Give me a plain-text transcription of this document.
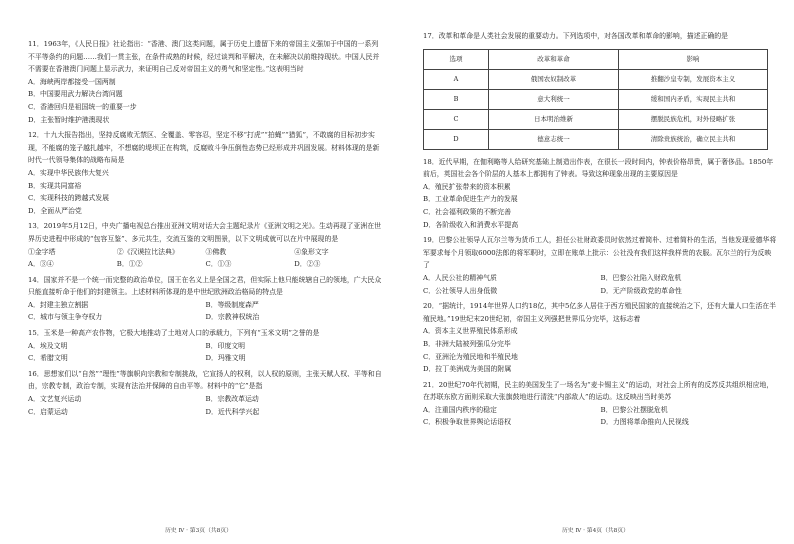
11．1963年，《人民日报》社论指出：“香港、澳门这类问题，属于历史上遗留下来的帝国主义强加于中国的一系列不平等条约的问题……我们一贯主张，在条件成熟的时候，经过谈判和平解决，在未解决以前维持现状。中国人民并不需要在香港澳门问题上显示武力，来证明自己反对帝国主义的勇气和坚定性。”这表明当时

A．海峡两岸都接受一国两制

B．中国要用武力解决台湾问题

C．香港回归是祖国统一的重要一步

D．主张暂时维护港澳现状

12．十九大报告指出，坚持反腐败无禁区、全覆盖、零容忍，坚定不移“打虎”“拍蝇”“猎狐”，不敢腐的目标初步实现，不能腐的笼子越扎越牢，不想腐的堤坝正在构筑，反腐败斗争压倒性态势已经形成并巩固发展。材料体现的是新时代一代领导集体的战略布局是

A．实现中华民族伟大复兴

B．实现共同富裕

C．实现科技的跨越式发展

D．全面从严治党

13．2019年5月12日，中央广播电视总台推出亚洲文明对话大会主题纪录片《亚洲文明之光》。生动再现了亚洲在世界历史进程中形成的“包容互鉴”、多元共生，交流互鉴的文明图景，以下文明成就可以在片中展现的是

①金字塔	②《汉谟拉比法典》	③佛教	④象形文字

A．③④	B．①②	C．①③	D．②③

14．国家并不是一个统一而完整的政治单位，国王在名义上是全国之君，但实际上他只能统辖自己的领地，广大民众只能直接听命于他们的封建领主。上述材料所体现的是中世纪欧洲政治格局的特点是

A．封建主独立割据	B．等级制度森严

C．城市与领主争夺权力	D．宗教神权统治

15．玉米是一种高产农作物，它极大地推动了土地对人口的承载力，下列有“玉米文明”之誉的是

A．埃及文明	B．印度文明

C．希腊文明	D．玛雅文明

16．思想家们以“自然”“理性”等旗帜向宗教和专制挑战，它宣扬人的权利，以人权的原则，主张天赋人权、平等和自由，宗教专制，政治专制，实现有法治并保障的自由平等。材料中的“它”是指

A．文艺复兴运动	B．宗教改革运动

C．启蒙运动	D．近代科学兴起

历史 Ⅳ · 第3页（共8页）

17．改革和革命是人类社会发展的重要动力。下列选项中，对各国改革和革命的影响，描述正确的是

选项	改革和革命	影响
A	俄国农奴制改革	推翻沙皇专制，发展资本主义
B	意大利统一	缓和国内矛盾，实现民主共和
C	日本明治维新	摆脱民族危机，对外侵略扩张
D	德意志统一	清除贵族统治，确立民主共和

18．近代早期，在伽利略等人给研究基础上制造出作表，在很长一段时间内，钟表价格昂贵，属于奢侈品。1850年前后，英国社会各个阶层的人基本上都拥有了钟表。导致这种现象出现的主要原因是

A．殖民扩张带来的资本积累

B．工业革命促进生产力的发展

C．社会福利政策的不断完善

D．各阶级收入和消费水平提高

19．巴黎公社领导人瓦尔兰等为货币工人，担任公社财政委员时依然过着简朴、过着简朴的生活，当他发现爱德华将军要求每个月领取6000法郎的将军职时，立即在账单上批示：公社没有我们这样我样贵的农服。瓦尔兰的行为反映了

A．人民公社的精神气质	B．巴黎公社陷入财政危机

C．公社领导人出身低微	D．无产阶级政党的革命性

20．“据统计，1914年世界人口约18亿，其中5亿多人居住于西方殖民国家的直接统治之下，还有大量人口生活在半殖民地。”19世纪末20世纪初，帝国主义列强把世界瓜分完毕，这标志着

A．资本主义世界殖民体系形成

B．非洲大陆被列强瓜分完毕

C．亚洲沦为殖民地和半殖民地

D．拉丁美洲成为美国的附属

21．20世纪70年代初期，民主的美国发生了一场名为“麦卡锡主义”的运动，对社会上所有的反苏反共组织相应地，在苏联东欧方面则采取大张旗鼓地进行清洗“内部敌人”的运动。这反映出当时美苏

A．注重国内秩序的稳定	B．巴黎公社摆脱危机

C．积极争取世界舆论话语权	D．力图将革命推向人民视线

历史 Ⅳ · 第4页（共8页）
